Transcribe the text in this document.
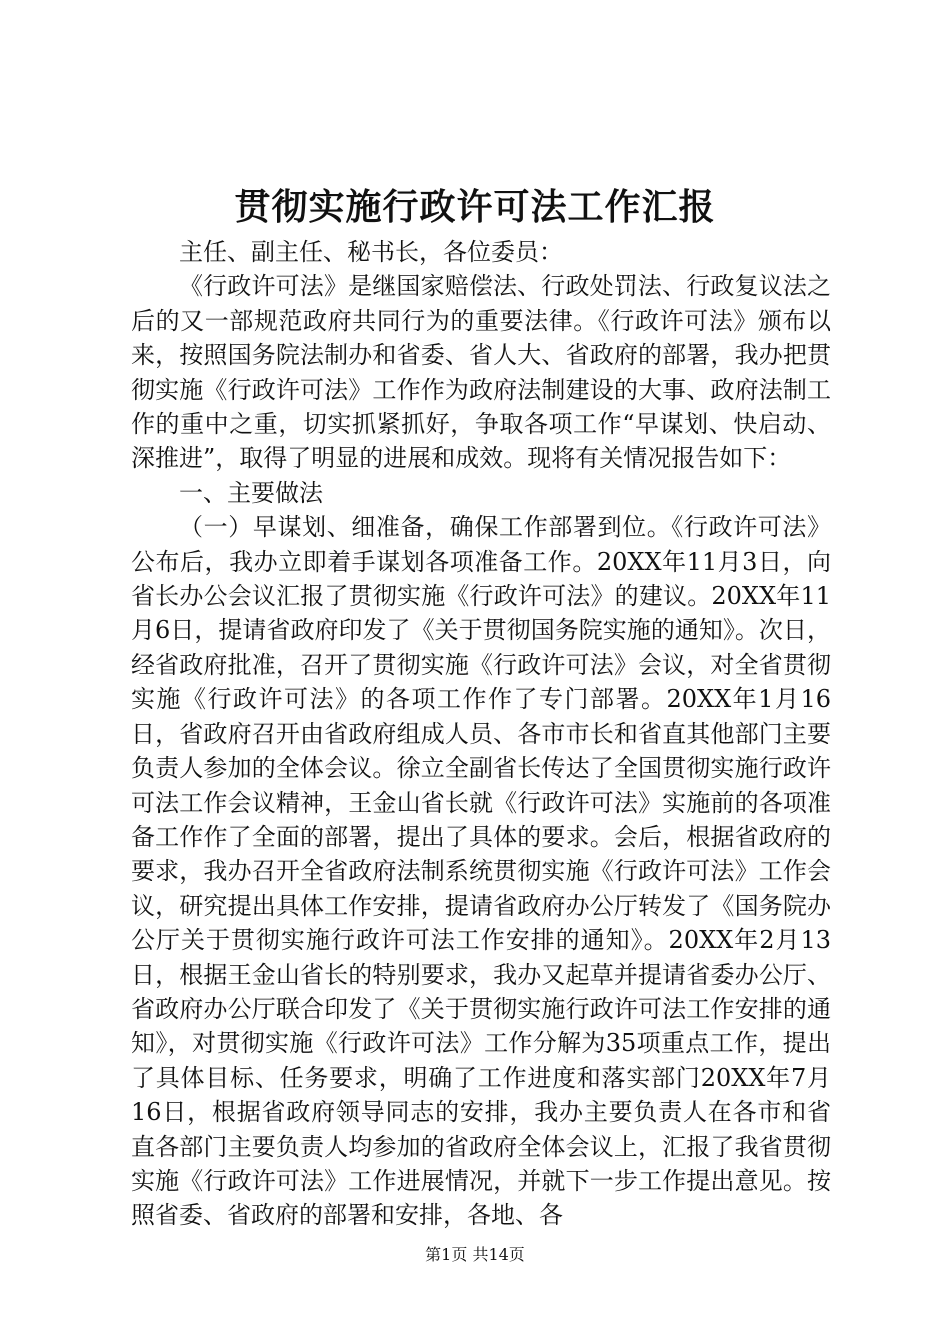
贯彻实施行政许可法工作汇报

主任、副主任、秘书长，各位委员：

《行政许可法》是继国家赔偿法、行政处罚法、行政复议法之后的又一部规范政府共同行为的重要法律。《行政许可法》颁布以来，按照国务院法制办和省委、省人大、省政府的部署，我办把贯彻实施《行政许可法》工作作为政府法制建设的大事、政府法制工作的重中之重，切实抓紧抓好，争取各项工作“早谋划、快启动、深推进”，取得了明显的进展和成效。现将有关情况报告如下：

一、主要做法

（一）早谋划、细准备，确保工作部署到位。《行政许可法》公布后，我办立即着手谋划各项准备工作。20XX年11月3日，向省长办公会议汇报了贯彻实施《行政许可法》的建议。20XX年11月6日，提请省政府印发了《关于贯彻国务院实施的通知》。次日，经省政府批准，召开了贯彻实施《行政许可法》会议，对全省贯彻实施《行政许可法》的各项工作作了专门部署。20XX年1月16日，省政府召开由省政府组成人员、各市市长和省直其他部门主要负责人参加的全体会议。徐立全副省长传达了全国贯彻实施行政许可法工作会议精神，王金山省长就《行政许可法》实施前的各项准备工作作了全面的部署，提出了具体的要求。会后，根据省政府的要求，我办召开全省政府法制系统贯彻实施《行政许可法》工作会议，研究提出具体工作安排，提请省政府办公厅转发了《国务院办公厅关于贯彻实施行政许可法工作安排的通知》。20XX年2月13日，根据王金山省长的特别要求，我办又起草并提请省委办公厅、省政府办公厅联合印发了《关于贯彻实施行政许可法工作安排的通知》，对贯彻实施《行政许可法》工作分解为35项重点工作，提出了具体目标、任务要求，明确了工作进度和落实部门20XX年7月16日，根据省政府领导同志的安排，我办主要负责人在各市和省直各部门主要负责人均参加的省政府全体会议上，汇报了我省贯彻实施《行政许可法》工作进展情况，并就下一步工作提出意见。按照省委、省政府的部署和安排，各地、各

第1页 共14页
